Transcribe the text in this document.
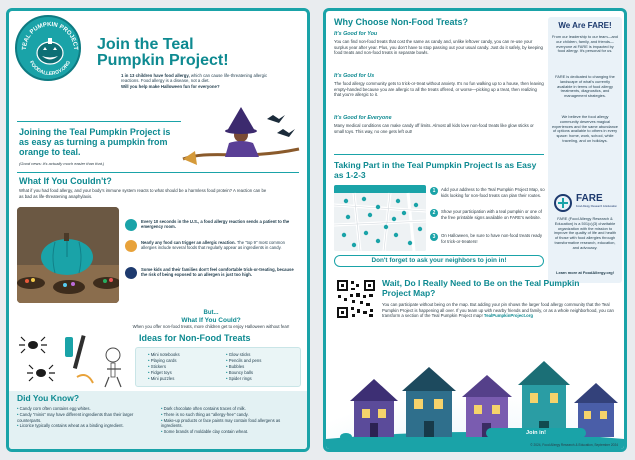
TEAL PUMPKIN PROJECT
FOODALLERGY.ORG
Join the Teal
Pumpkin Project!
1 in 13 children have food allergy, which can cause life-threatening allergic reactions. Food allergy is a disease, not a diet.
Will you help make Halloween fun for everyone?
Joining the Teal Pumpkin Project is as easy as turning a pumpkin from orange to teal.
(Good news: it's actually much easier than that.)
What If You Couldn't?
What if you had food allergy, and your body's immune system reacts to what should be a harmless food protein? A reaction can be as bad as life-threatening anaphylaxis.
Every 10 seconds in the U.S., a food allergy reaction sends a patient to the emergency room.
Nearly any food can trigger an allergic reaction. The "top 9" most common allergies include several foods that regularly appear as ingredients in candy.
Some kids and their families don't feel comfortable trick-or-treating, because the risk of being exposed to an allergen is just too high.
But...
What If You Could?
When you offer non-food treats, more children get to enjoy Halloween without fear!
Ideas for Non-Food Treats
• Mini notebooks
• Playing cards
• Stickers
• Fidget toys
• Mini puzzles
• Glow sticks
• Pencils and pens
• Bubbles
• Bouncy balls
• Spider rings
Did You Know?
• Candy corn often contains egg whites.
• Candy "minis" may have different ingredients than their larger counterparts.
• Licorice typically contains wheat as a binding ingredient.
• Dark chocolate often contains traces of milk.
• There is no such thing as "allergy-free" candy.
• Make-up products or face paints may contain food allergens as ingredients.
• Some brands of moldable clay contain wheat.
Why Choose Non-Food Treats?
It's Good for You
You can find non-food treats that cost the same as candy and, unlike leftover candy, you can re-use your surplus year after year. Plus, you don't have to stop passing out your usual candy. Just do it safely, by keeping food treats and non-food treats in separate bowls.
It's Good for Us
The food allergy community gets to trick-or-treat without anxiety. It's no fun walking up to a house, then leaving empty-handed because you are allergic to all the treats offered, or worse—picking up a treat, then realizing that you're allergic to it.
It's Good for Everyone
Many medical conditions can make candy off limits. Almost all kids love non-food treats like glow sticks or small toys. This way, no one gets left out!
We Are FARE!
From our leadership to our team—and our children, family, and friends—everyone at FARE is impacted by food allergy. It's personal for us.
FARE is dedicated to changing the landscape of what's currently available in terms of food allergy treatments, diagnostics, and management strategies.
We believe the food allergy community deserves magical experiences and the same abundance of options available to others in every space: home, work, school, while traveling, and on holidays.
FARE
Food Allergy Research & Education
FARE (Food Allergy Research & Education) is a 501(c)(3) charitable organization with the mission to improve the quality of life and health of those with food allergies through transformative research, education, and advocacy.
Learn more at FoodAllergy.org!
Taking Part in the Teal Pumpkin Project Is as Easy as 1-2-3
1	Add your address to the Teal Pumpkin Project Map, so kids looking for non-food treats can plan their routes.
2	Show your participation with a teal pumpkin or one of the free printable signs available on FARE's website.
3	On Halloween, be sure to have non-food treats ready for trick-or-treaters!
Don't forget to ask your neighbors to join in!
Wait, Do I Really Need to Be on the Teal Pumpkin Project Map?
You can participate without being on the map. But adding your pin shows the larger food allergy community that the Teal Pumpkin Project is happening all over. If you team up with nearby friends and family, or as a whole neighborhood, you can transform a section of the Teal Pumpkin Project map! TealPumpkinProject.org
Join in!
© 2024, Food Allergy Research & Education, September 2024
